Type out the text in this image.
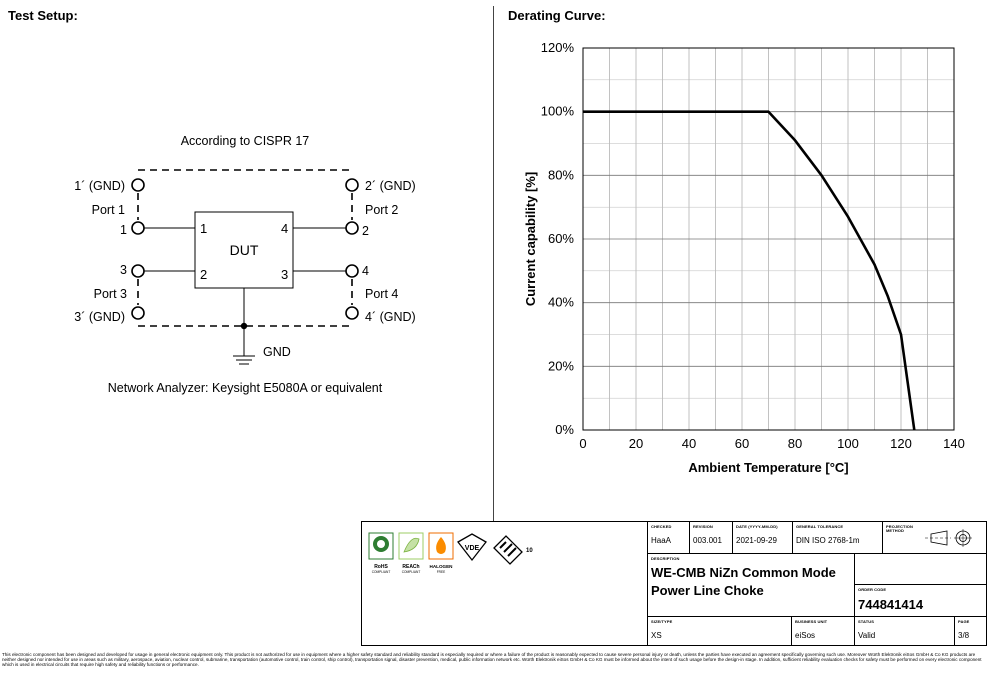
Test Setup:	Derating Curve:
According to CISPR 17
Network Analyzer: Keysight E5080A or equivalent
DUT
1
2	3
4
1´ (GND)
Port 1
1
3
Port 3
3´ (GND)
2´ (GND)
Port 2
2
4
Port 4
4´ (GND)
GND
0%
20%
40%
60%
80%
100%
120%
0	20	40	60	80	100 120 140
Ambient Temperature [°C]
Current capability [%]
RoHS
COMPLIANT
REACh
COMPLIANT
HALOGEN
FREE
VDE	10
CHECKED
HaaA
REVISION
003.001
DATE (YYYY-MM-DD)
2021-09-29
GENERAL TOLERANCE
DIN ISO 2768-1m
PROJECTION METHOD
DESCRIPTION
WE-CMB NiZn Common Mode
Power Line Choke	ORDER CODE
744841414
SIZE/TYPE
XS
BUSINESS UNIT
eiSos
STATUS
Valid
PAGE
3/8
This electronic component has been designed and developed for usage in general electronic equipment only. This product is not authorized for use in equipment where a higher safety standard and reliability standard is especially required or where a failure of the product is reasonably expected to cause severe personal injury or death, unless the parties have executed an agreement specifically governing such use. Moreover Würth Elektronik eiSos GmbH & Co KG products are neither designed nor intended for use in areas such as military, aerospace, aviation, nuclear control, submarine, transportation (automotive control, train control, ship control), transportation signal, disaster prevention, medical, public information network etc. Würth Elektronik eiSos GmbH & Co KG must be informed about the intent of such usage before the design-in stage. In addition, sufficient reliability evaluation checks for safety must be performed on every electronic component which is used in electrical circuits that require high safety and reliability functions or performance.
